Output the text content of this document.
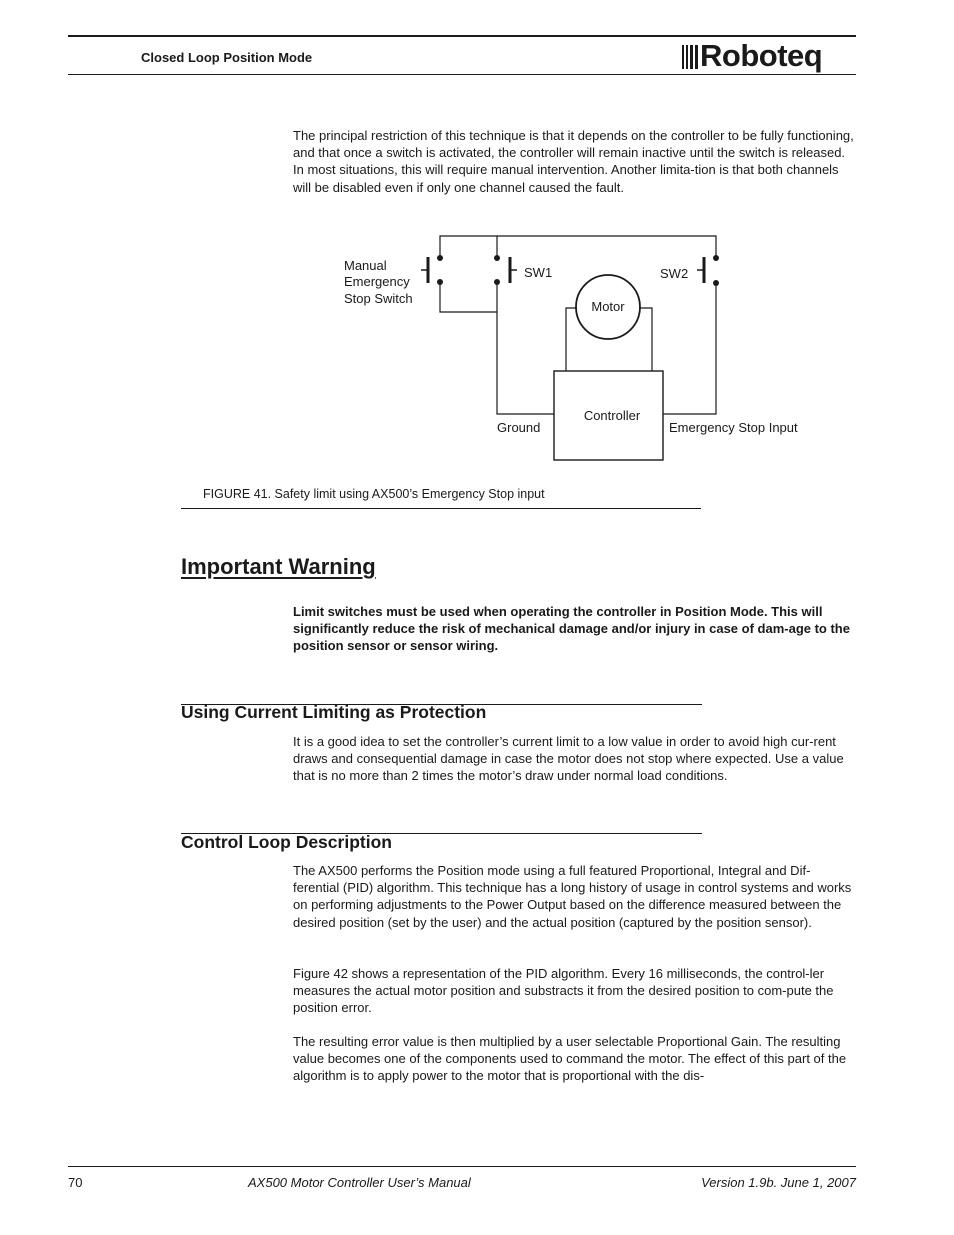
Closed Loop Position Mode	Roboteq
The principal restriction of this technique is that it depends on the controller to be fully functioning, and that once a switch is activated, the controller will remain inactive until the switch is released. In most situations, this will require manual intervention. Another limita-tion is that both channels will be disabled even if only one channel caused the fault.
Manual
Emergency
Stop Switch
SW1	SW2
Motor
Controller
Ground	Emergency Stop Input
FIGURE 41. Safety limit using AX500’s Emergency Stop input
Important Warning
Limit switches must be used when operating the controller in Position Mode. This will significantly reduce the risk of mechanical damage and/or injury in case of dam-age to the position sensor or sensor wiring.
Using Current Limiting as Protection
It is a good idea to set the controller’s current limit to a low value in order to avoid high cur-rent draws and consequential damage in case the motor does not stop where expected. Use a value that is no more than 2 times the motor’s draw under normal load conditions.
Control Loop Description
The AX500 performs the Position mode using a full featured Proportional, Integral and Dif-ferential (PID) algorithm. This technique has a long history of usage in control systems and works on performing adjustments to the Power Output based on the difference measured between the desired position (set by the user) and the actual position (captured by the position sensor).
Figure 42 shows a representation of the PID algorithm. Every 16 milliseconds, the control-ler measures the actual motor position and substracts it from the desired position to com-pute the position error.
The resulting error value is then multiplied by a user selectable Proportional Gain. The resulting value becomes one of the components used to command the motor. The effect of this part of the algorithm is to apply power to the motor that is proportional with the dis-
70	AX500 Motor Controller User’s Manual	Version 1.9b. June 1, 2007
